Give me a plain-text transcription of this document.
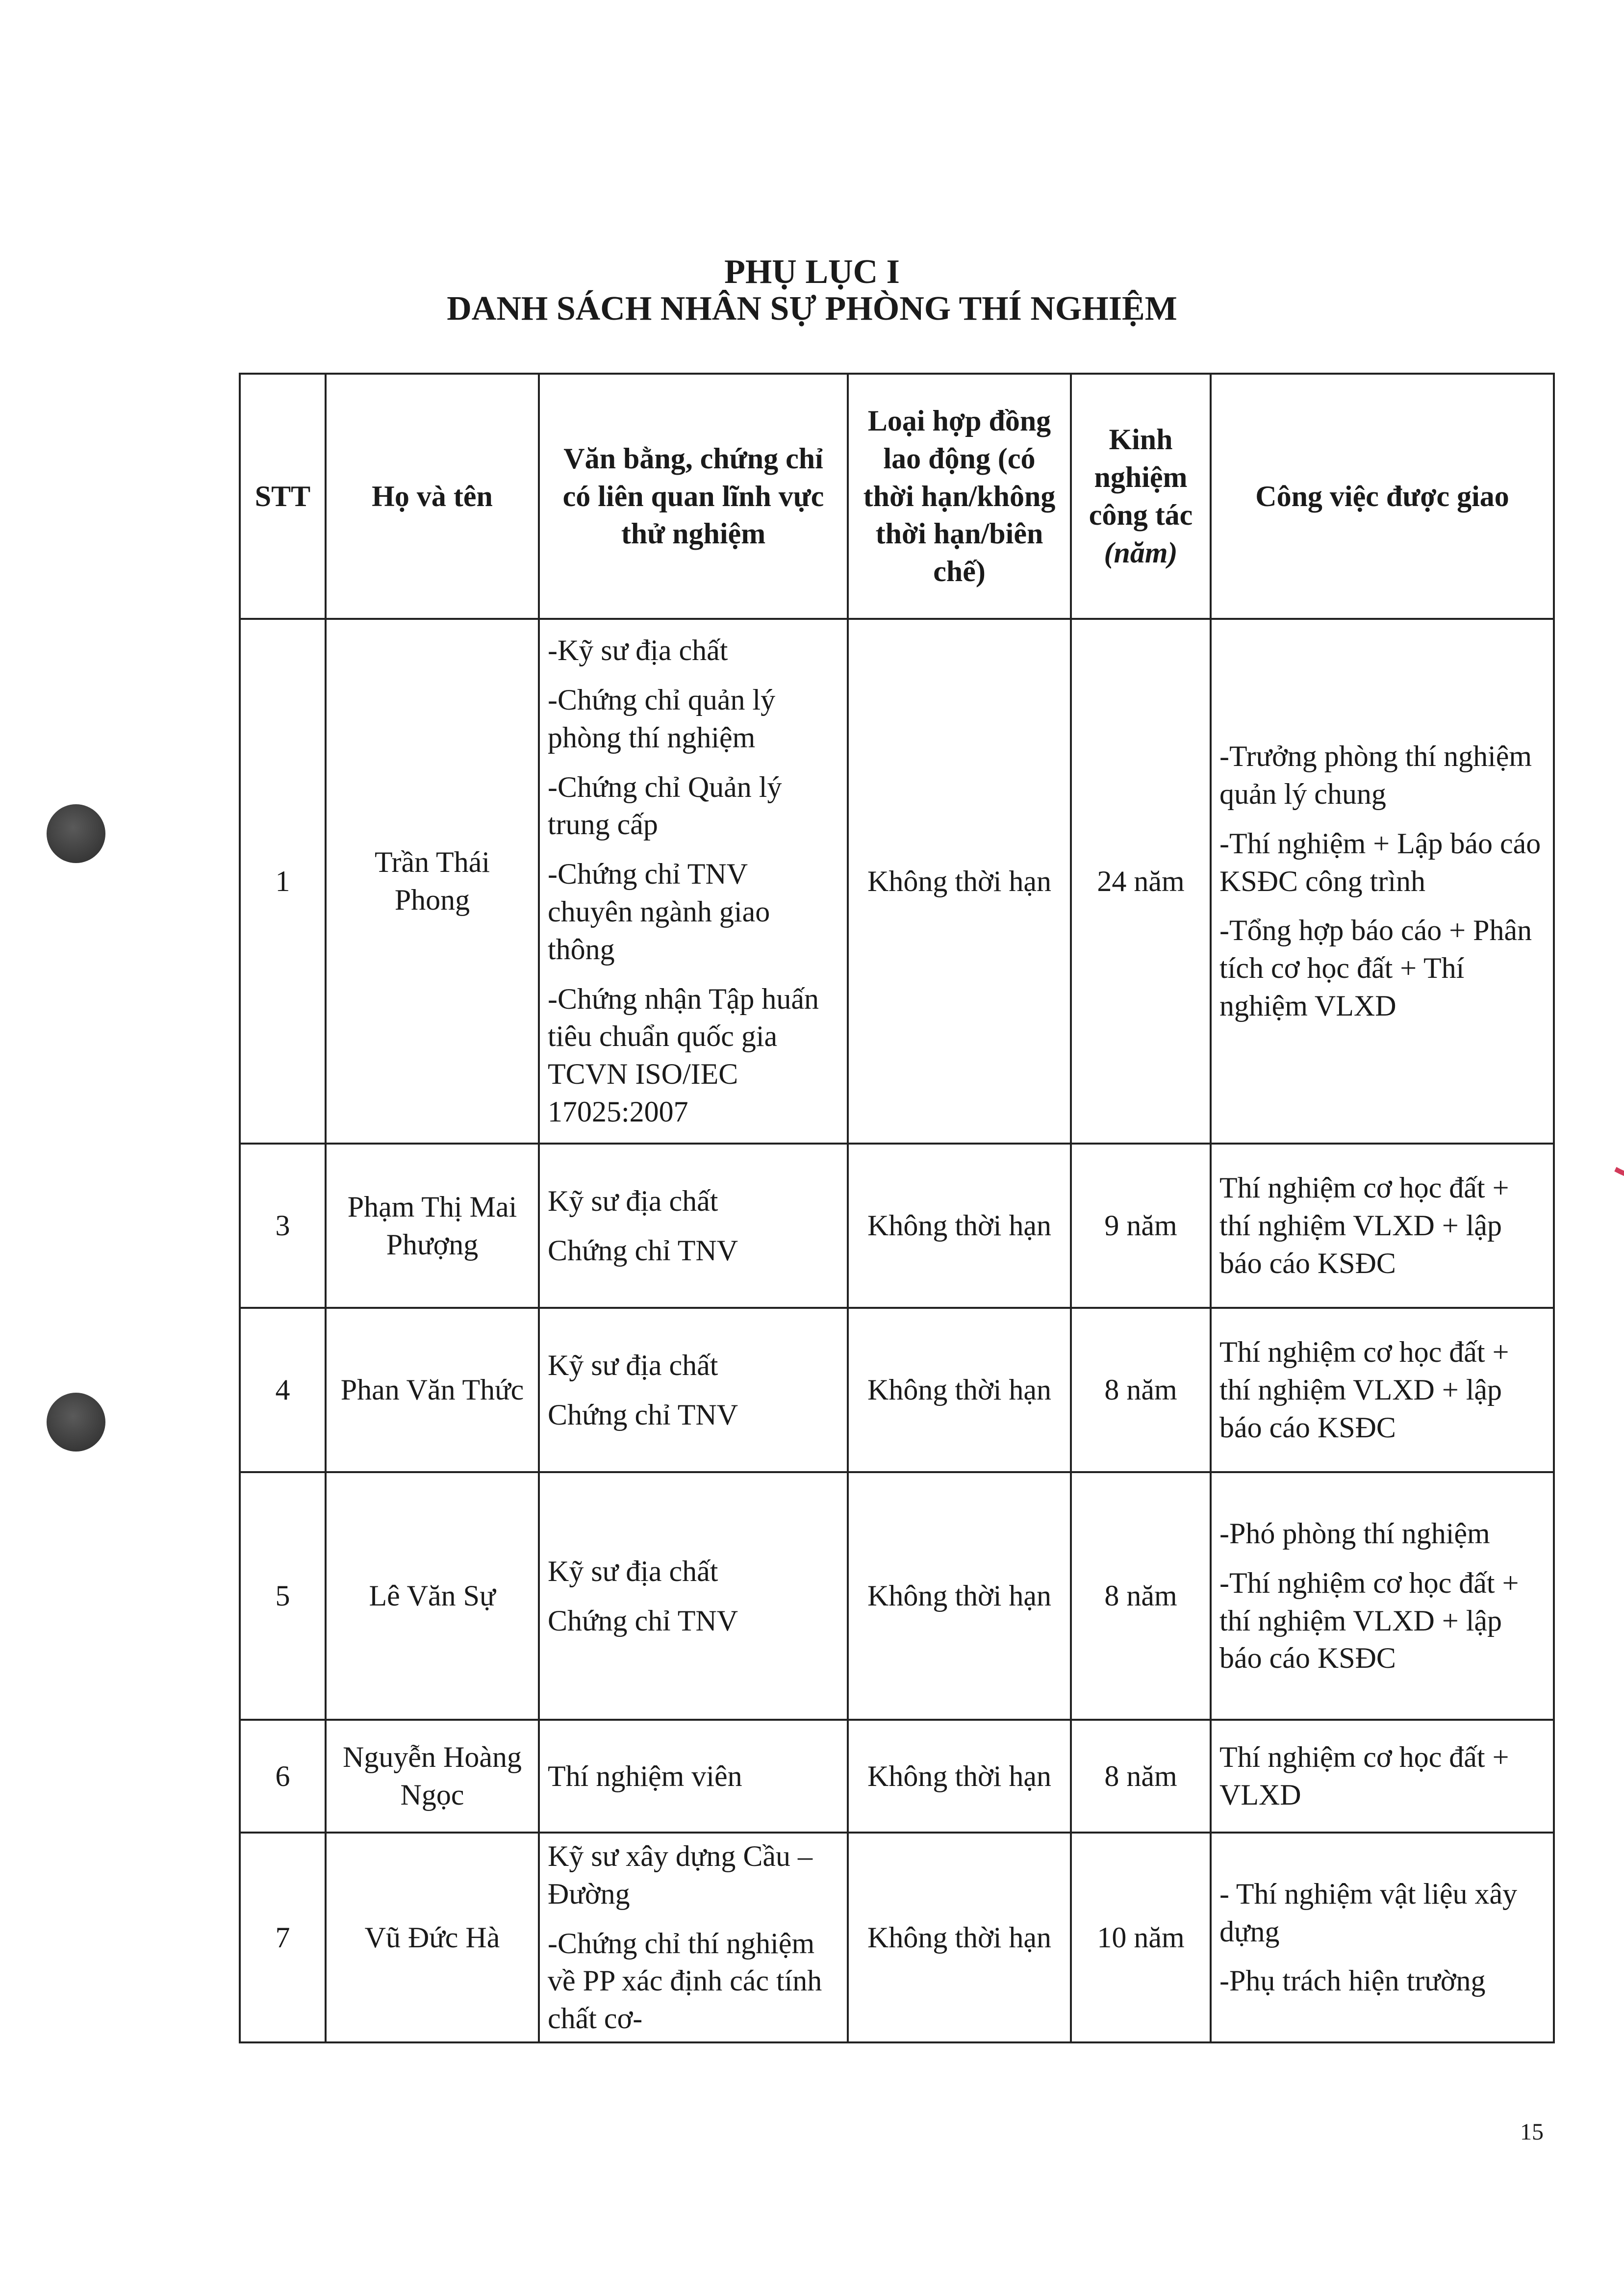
PHỤ LỤC I
DANH SÁCH NHÂN SỰ PHÒNG THÍ NGHIỆM
STT	Họ và tên	Văn bằng, chứng chỉ có liên quan lĩnh vực thử nghiệm	Loại hợp đồng lao động (có thời hạn/không thời hạn/biên chế)	Kinh nghiệm công tác (năm)	Công việc được giao
1	Trần Thái Phong	-Kỹ sư địa chất
-Chứng chỉ quản lý phòng thí nghiệm
-Chứng chỉ Quản lý trung cấp
-Chứng chỉ TNV chuyên ngành giao thông
-Chứng nhận Tập huấn tiêu chuẩn quốc gia TCVN ISO/IEC 17025:2007	Không thời hạn	24 năm	-Trưởng phòng thí nghiệm quản lý chung
-Thí nghiệm + Lập báo cáo KSĐC công trình
-Tổng hợp báo cáo + Phân tích cơ học đất + Thí nghiệm VLXD

3	Phạm Thị Mai Phượng	Kỹ sư địa chất
Chứng chỉ TNV	Không thời hạn	9 năm	Thí nghiệm cơ học đất + thí nghiệm VLXD + lập báo cáo KSĐC

4	Phan Văn Thức	Kỹ sư địa chất
Chứng chỉ TNV	Không thời hạn	8 năm	Thí nghiệm cơ học đất + thí nghiệm VLXD + lập báo cáo KSĐC

5	Lê Văn Sự	Kỹ sư địa chất
Chứng chỉ TNV	Không thời hạn	8 năm	-Phó phòng thí nghiệm
-Thí nghiệm cơ học đất + thí nghiệm VLXD + lập báo cáo KSĐC

6	Nguyễn Hoàng Ngọc	Thí nghiệm viên	Không thời hạn	8 năm	Thí nghiệm cơ học đất + VLXD

7	Vũ Đức Hà	Kỹ sư xây dựng Cầu –Đường
-Chứng chỉ thí nghiệm về PP xác định các tính chất cơ-	Không thời hạn	10 năm	- Thí nghiệm vật liệu xây dựng
-Phụ trách hiện trường
15
